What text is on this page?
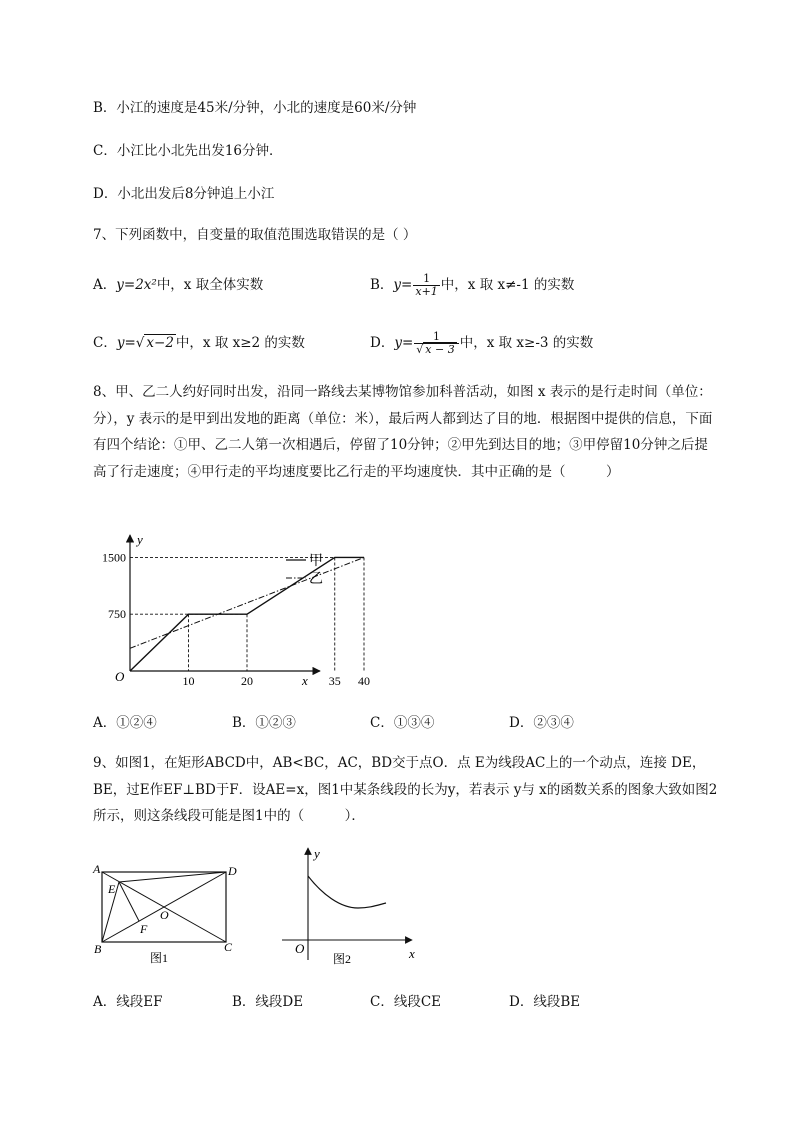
B．小江的速度是45米/分钟，小北的速度是60米/分钟
C．小江比小北先出发16分钟．
D．小北出发后8分钟追上小江
7、下列函数中，自变量的取值范围选取错误的是（ ）
A．y=2x²中，x 取全体实数	B．$y= \frac{1}{x+1}$ 中，x 取 x≠-1 的实数
C．y=√ x−2 中，x 取 x≥2 的实数	D．$y= \frac{1}{√ x - 3}$ 中，x 取 x≥-3 的实数
8、甲、乙二人约好同时出发，沿同一路线去某博物馆参加科普活动，如图 x 表示的是行走时间（单位：分），y 表示的是甲到出发地的距离（单位：米），最后两人都到达了目的地．根据图中提供的信息，下面有四个结论：①甲、乙二人第一次相遇后，停留了10分钟；②甲先到达目的地；③甲停留10分钟之后提高了行走速度；④甲行走的平均速度要比乙行走的平均速度快．其中正确的是（　　　）
O
y
x
10	20	35 40
750
1500	甲
乙
A．①②④	B．①②③	C．①③④	D．②③④
9、如图1，在矩形ABCD中，AB<BC，AC，BD交于点O．点 E为线段AC上的一个动点，连接 DE，BE，过E作EF⊥BD于F．设AE=x，图1中某条线段的长为y，若表示 y与 x的函数关系的图象大致如图2所示，则这条线段可能是图1中的（　　　）．
A	D
E
O
F
B	C
图1
y
O	x
图2
A．线段EF	B．线段DE	C．线段CE	D．线段BE
